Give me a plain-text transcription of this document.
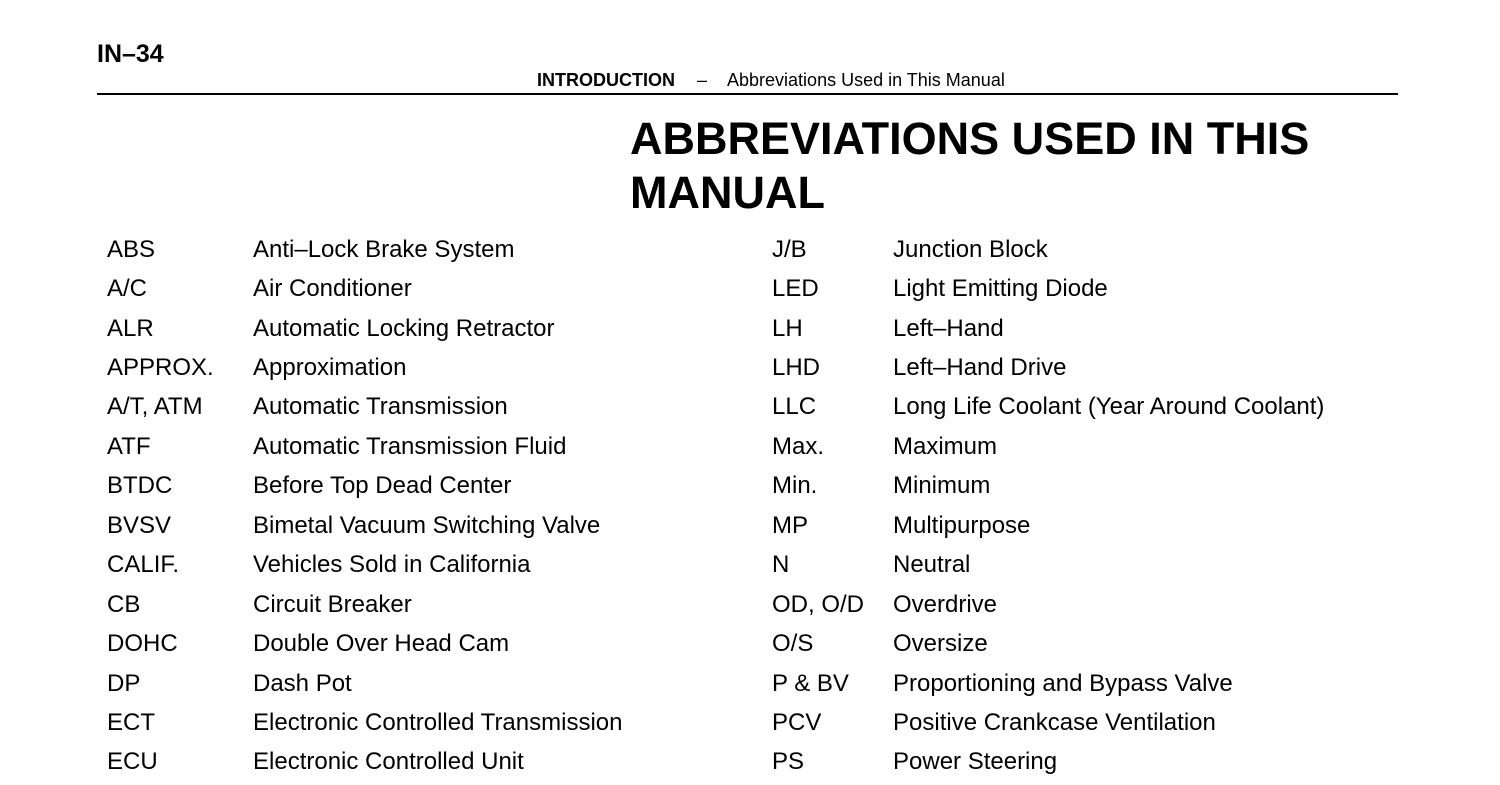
IN–34
INTRODUCTION – Abbreviations Used in This Manual
ABBREVIATIONS USED IN THIS MANUAL
ABS	Anti–Lock Brake System
A/C	Air Conditioner
ALR	Automatic Locking Retractor
APPROX.	Approximation
A/T, ATM	Automatic Transmission
ATF	Automatic Transmission Fluid
BTDC	Before Top Dead Center
BVSV	Bimetal Vacuum Switching Valve
CALIF.	Vehicles Sold in California
CB	Circuit Breaker
DOHC	Double Over Head Cam
DP	Dash Pot
ECT	Electronic Controlled Transmission
ECU	Electronic Controlled Unit
J/B	Junction Block
LED	Light Emitting Diode
LH	Left–Hand
LHD	Left–Hand Drive
LLC	Long Life Coolant (Year Around Coolant)
Max.	Maximum
Min.	Minimum
MP	Multipurpose
N	Neutral
OD, O/D	Overdrive
O/S	Oversize
P & BV	Proportioning and Bypass Valve
PCV	Positive Crankcase Ventilation
PS	Power Steering
